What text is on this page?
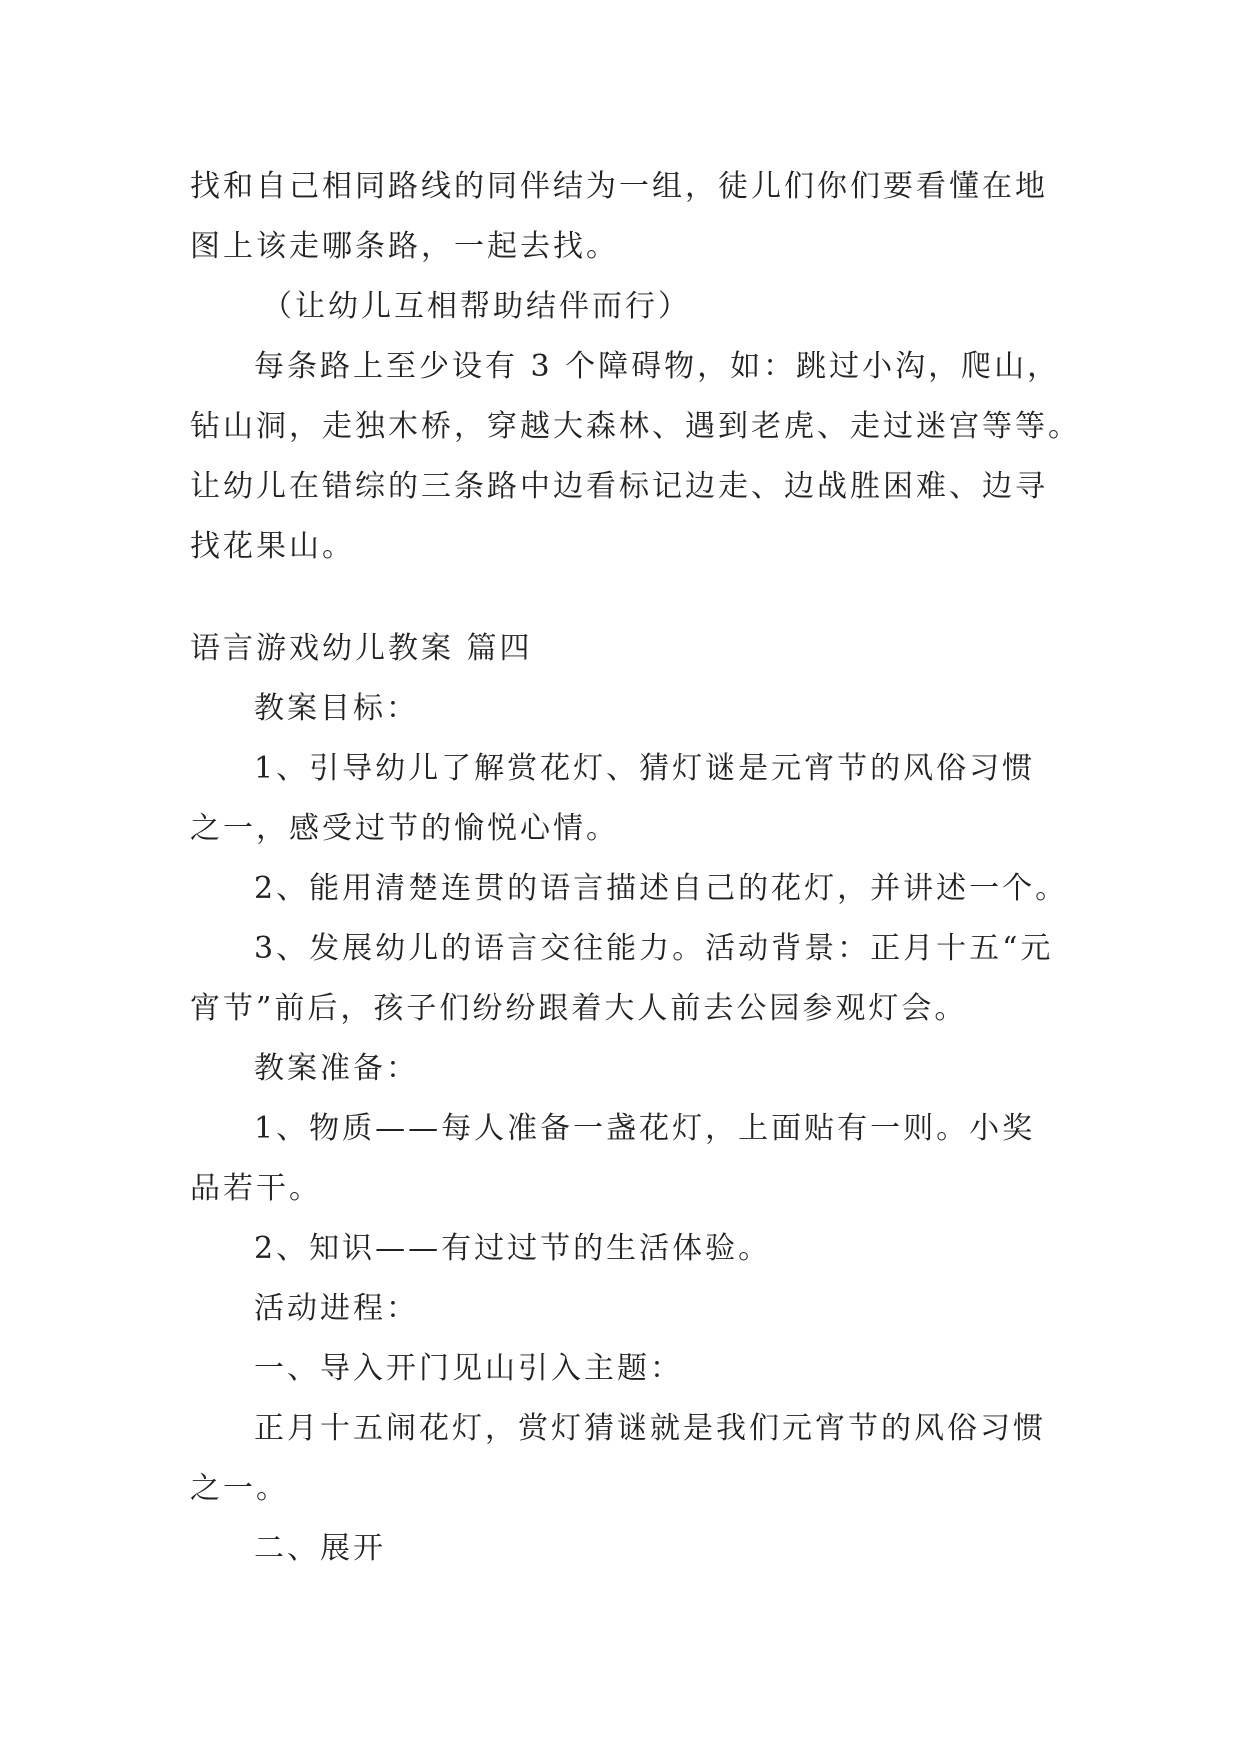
找和自己相同路线的同伴结为一组，徒儿们你们要看懂在地
图上该走哪条路，一起去找。
（让幼儿互相帮助结伴而行）
每条路上至少设有 3 个障碍物，如：跳过小沟，爬山，
钻山洞，走独木桥，穿越大森林、遇到老虎、走过迷宫等等。
让幼儿在错综的三条路中边看标记边走、边战胜困难、边寻
找花果山。
语言游戏幼儿教案 篇四
教案目标：
1、引导幼儿了解赏花灯、猜灯谜是元宵节的风俗习惯
之一，感受过节的愉悦心情。
2、能用清楚连贯的语言描述自己的花灯，并讲述一个。
3、发展幼儿的语言交往能力。活动背景：正月十五“元
宵节”前后，孩子们纷纷跟着大人前去公园参观灯会。
教案准备：
1、物质——每人准备一盏花灯，上面贴有一则。小奖
品若干。
2、知识——有过过节的生活体验。
活动进程：
一、导入开门见山引入主题：
正月十五闹花灯，赏灯猜谜就是我们元宵节的风俗习惯
之一。
二、展开
